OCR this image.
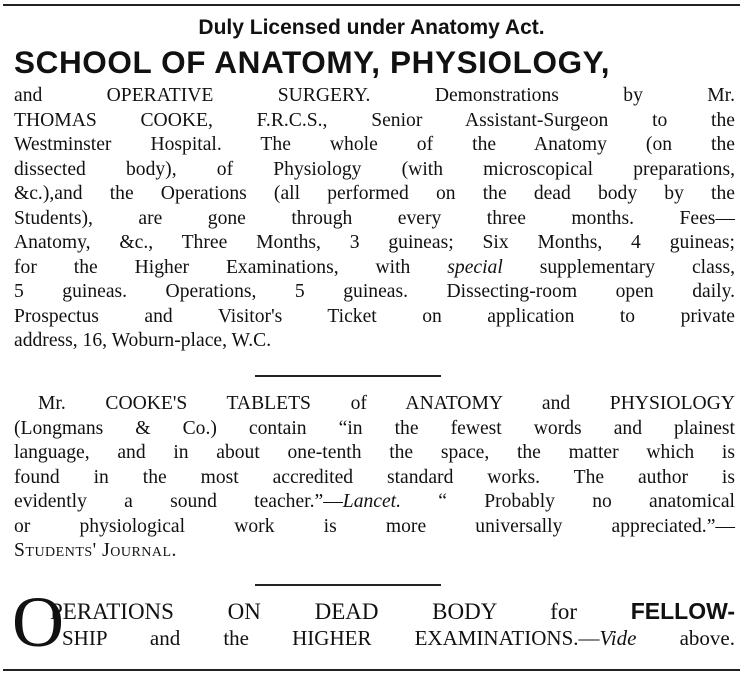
Duly Licensed under Anatomy Act.
SCHOOL OF ANATOMY, PHYSIOLOGY,
and OPERATIVE SURGERY. Demonstrations by Mr.
THOMAS COOKE, F.R.C.S., Senior Assistant-Surgeon to the
Westminster Hospital. The whole of the Anatomy (on the
dissected body), of Physiology (with microscopical preparations,
&c.),and the Operations (all performed on the dead body by the
Students), are gone through every three months. Fees—
Anatomy, &c., Three Months, 3 guineas; Six Months, 4 guineas;
for the Higher Examinations, with special supplementary class,
5 guineas. Operations, 5 guineas. Dissecting-room open daily.
Prospectus and Visitor's Ticket on application to private
address, 16, Woburn-place, W.C.
Mr. COOKE'S TABLETS of ANATOMY and PHYSIOLOGY
(Longmans & Co.) contain “in the fewest words and plainest
language, and in about one-tenth the space, the matter which is
found in the most accredited standard works. The author is
evidently a sound teacher.”—Lancet. “ Probably no anatomical
or physiological work is more universally appreciated.”—
Students' Journal.
O
PERATIONS ON DEAD BODY for FELLOW-
SHIP and the HIGHER EXAMINATIONS.—Vide above.
